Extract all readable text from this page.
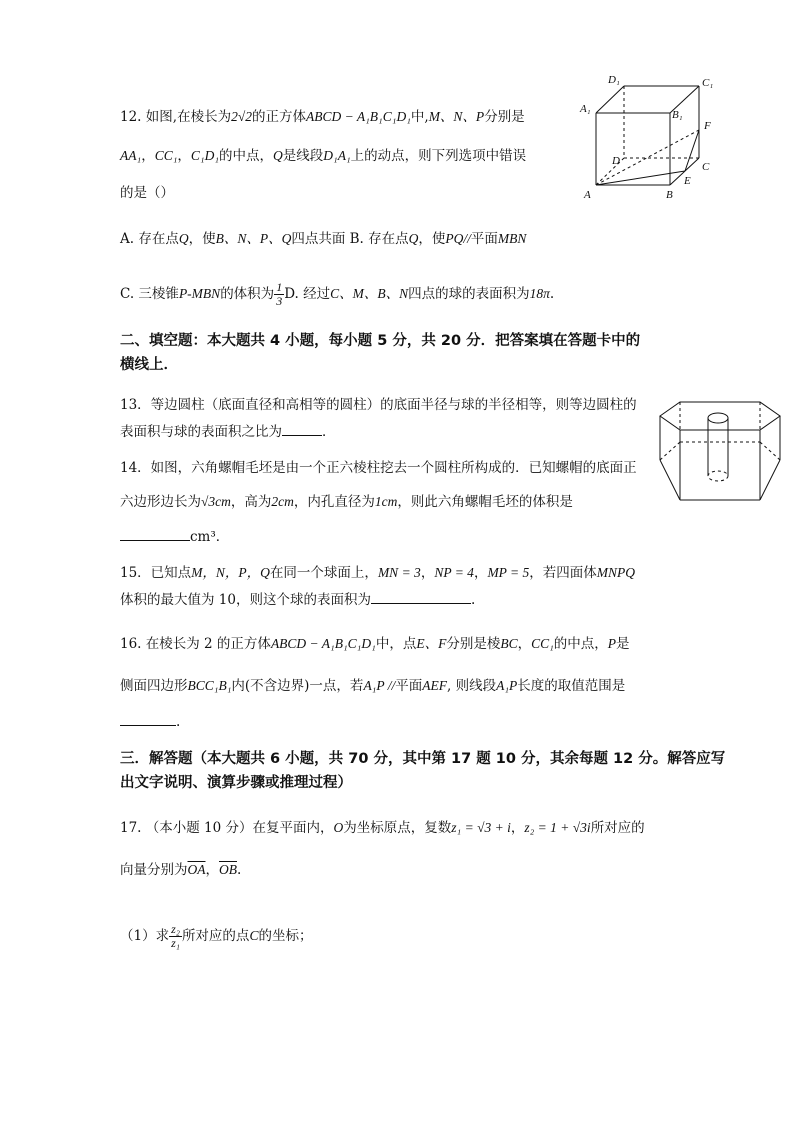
12. 如图,在棱长为2√2的正方体ABCD − A₁B₁C₁D₁中,M、N、P分别是
AA₁，CC₁，C₁D₁的中点，Q是线段D₁A₁上的动点，则下列选项中错误
的是（）
D₁	C₁
A₁	B₁
F
D	C
E
A	B
A. 存在点Q，使B、N、P、Q四点共面 B. 存在点Q，使PQ//平面MBN
C. 三棱锥P-MBN的体积为 $\frac{1}{3} D$. 经过C、M、B、N四点的球的表面积为18π.
二、填空题：本大题共 4 小题，每小题 5 分，共 20 分．把答案填在答题卡中的
横线上．
13．等边圆柱（底面直径和高相等的圆柱）的底面半径与球的半径相等，则等边圆柱的
表面积与球的表面积之比为	．
14．如图，六角螺帽毛坯是由一个正六棱柱挖去一个圆柱所构成的．已知螺帽的底面正
六边形边长为√3cm，高为2cm，内孔直径为1cm，则此六角螺帽毛坯的体积是
cm³．
15．已知点M，N，P，Q在同一个球面上，MN = 3，NP = 4，MP = 5，若四面体MNPQ
体积的最大值为 10，则这个球的表面积为	.
16. 在棱长为 2 的正方体ABCD − A₁B₁C₁D₁中，点E、F分别是棱BC，CC₁的中点，P是
侧面四边形BCC₁B₁内(不含边界)一点，若A₁P //平面AEF, 则线段A₁P长度的取值范围是
.
三．解答题（本大题共 6 小题，共 70 分，其中第 17 题 10 分，其余每题 12 分。解答应写
出文字说明、演算步骤或推理过程）
17. （本小题 10 分）在复平面内，O为坐标原点，复数z₁ = √3 + i，z₂ = 1 + √3i所对应的
向量分别为$\overline{OA}$，$\overline{OB}$.
（1）求 $\frac{\text{z₂}}{\text{z₁}}$ 所对应的点C的坐标；
